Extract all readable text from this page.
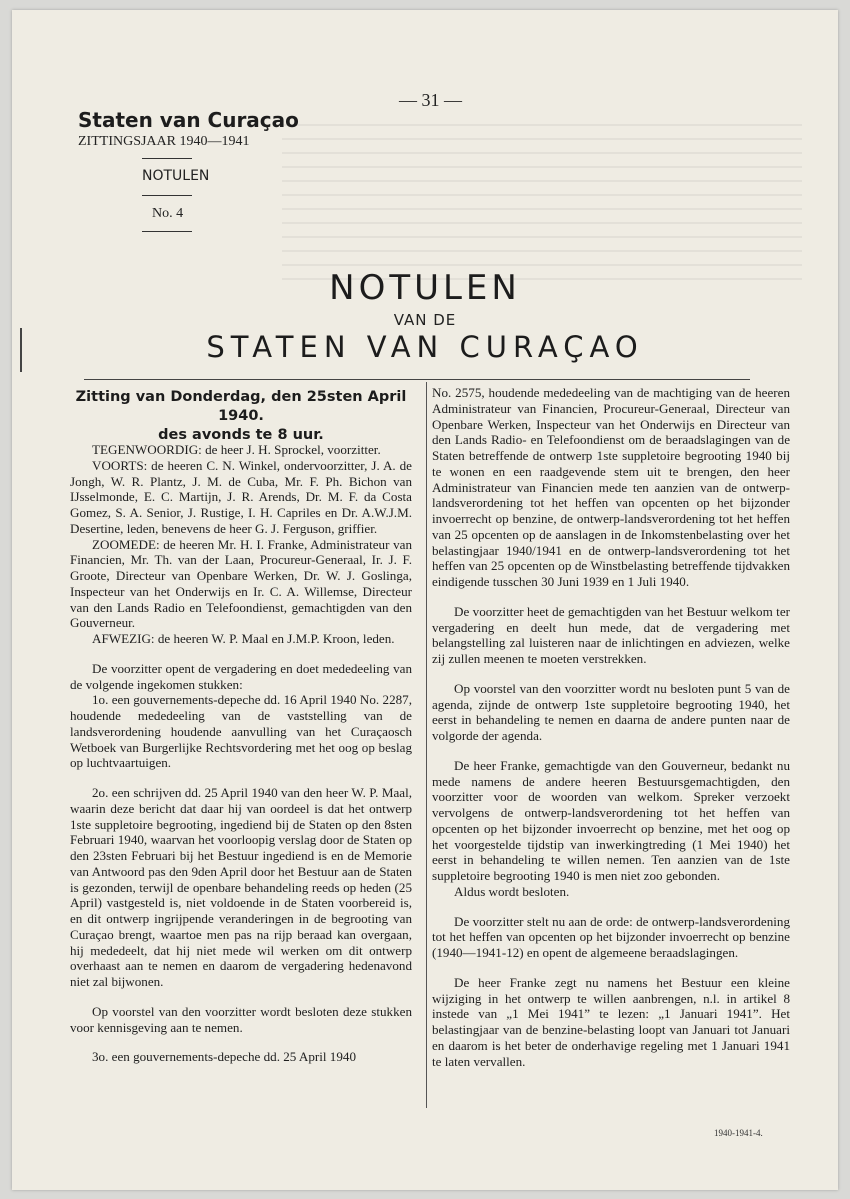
— 31 —
Staten van Curaçao
ZITTINGSJAAR 1940—1941
NOTULEN
No. 4
NOTULEN
VAN DE
STATEN VAN CURAÇAO
Zitting van Donderdag, den 25sten April 1940.
des avonds te 8 uur.

TEGENWOORDIG: de heer J. H. Sprockel, voorzitter.

VOORTS: de heeren C. N. Winkel, ondervoorzitter, J. A. de Jongh, W. R. Plantz, J. M. de Cuba, Mr. F. Ph. Bichon van IJsselmonde, E. C. Martijn, J. R. Arends, Dr. M. F. da Costa Gomez, S. A. Senior, J. Rustige, I. H. Capriles en Dr. A.W.J.M. Desertine, leden, benevens de heer G. J. Ferguson, griffier.

ZOOMEDE: de heeren Mr. H. I. Franke, Administrateur van Financien, Mr. Th. van der Laan, Procureur-Generaal, Ir. J. F. Groote, Directeur van Openbare Werken, Dr. W. J. Goslinga, Inspecteur van het Onderwijs en Ir. C. A. Willemse, Directeur van den Lands Radio en Telefoondienst, gemachtigden van den Gouverneur.

AFWEZIG: de heeren W. P. Maal en J.M.P. Kroon, leden.

De voorzitter opent de vergadering en doet mededeeling van de volgende ingekomen stukken:

1o. een gouvernements-depeche dd. 16 April 1940 No. 2287, houdende mededeeling van de vaststelling van de landsverordening houdende aanvulling van het Curaçaosch Wetboek van Burgerlijke Rechtsvordering met het oog op beslag op luchtvaartuigen.

2o. een schrijven dd. 25 April 1940 van den heer W. P. Maal, waarin deze bericht dat daar hij van oordeel is dat het ontwerp 1ste suppletoire begrooting, ingediend bij de Staten op den 8sten Februari 1940, waarvan het voorloopig verslag door de Staten op den 23sten Februari bij het Bestuur ingediend is en de Memorie van Antwoord pas den 9den April door het Bestuur aan de Staten is gezonden, terwijl de openbare behandeling reeds op heden (25 April) vastgesteld is, niet voldoende in de Staten voorbereid is, en dit ontwerp ingrijpende veranderingen in de begrooting van Curaçao brengt, waartoe men pas na rijp beraad kan overgaan, hij mededeelt, dat hij niet mede wil werken om dit ontwerp overhaast aan te nemen en daarom de vergadering hedenavond niet zal bijwonen.

Op voorstel van den voorzitter wordt besloten deze stukken voor kennisgeving aan te nemen.

3o. een gouvernements-depeche dd. 25 April 1940

No. 2575, houdende mededeeling van de machtiging van de heeren Administrateur van Financien, Procureur-Generaal, Directeur van Openbare Werken, Inspecteur van het Onderwijs en Directeur van den Lands Radio- en Telefoondienst om de beraadslagingen van de Staten betreffende de ontwerp 1ste suppletoire begrooting 1940 bij te wonen en een raadgevende stem uit te brengen, den heer Administrateur van Financien mede ten aanzien van de ontwerp-landsverordening tot het heffen van opcenten op het bijzonder invoerrecht op benzine, de ontwerp-landsverordening tot het heffen van 25 opcenten op de aanslagen in de Inkomstenbelasting over het belastingjaar 1940/1941 en de ontwerp-landsverordening tot het heffen van 25 opcenten op de Winstbelasting betreffende tijdvakken eindigende tusschen 30 Juni 1939 en 1 Juli 1940.

De voorzitter heet de gemachtigden van het Bestuur welkom ter vergadering en deelt hun mede, dat de vergadering met belangstelling zal luisteren naar de inlichtingen en adviezen, welke zij zullen meenen te moeten verstrekken.

Op voorstel van den voorzitter wordt nu besloten punt 5 van de agenda, zijnde de ontwerp 1ste suppletoire begrooting 1940, het eerst in behandeling te nemen en daarna de andere punten naar de volgorde der agenda.

De heer Franke, gemachtigde van den Gouverneur, bedankt nu mede namens de andere heeren Bestuursgemachtigden, den voorzitter voor de woorden van welkom. Spreker verzoekt vervolgens de ontwerp-landsverordening tot het heffen van opcenten op het bijzonder invoerrecht op benzine, met het oog op het voorgestelde tijdstip van inwerkingtreding (1 Mei 1940) het eerst in behandeling te willen nemen. Ten aanzien van de 1ste suppletoire begrooting 1940 is men niet zoo gebonden.

Aldus wordt besloten.

De voorzitter stelt nu aan de orde: de ontwerp-landsverordening tot het heffen van opcenten op het bijzonder invoerrecht op benzine (1940—1941-12) en opent de algemeene beraadslagingen.

De heer Franke zegt nu namens het Bestuur een kleine wijziging in het ontwerp te willen aanbrengen, n.l. in artikel 8 instede van „1 Mei 1941” te lezen: „1 Januari 1941”. Het belastingjaar van de benzine-belasting loopt van Januari tot Januari en daarom is het beter de onderhavige regeling met 1 Januari 1941 te laten vervallen.

1940-1941-4.
